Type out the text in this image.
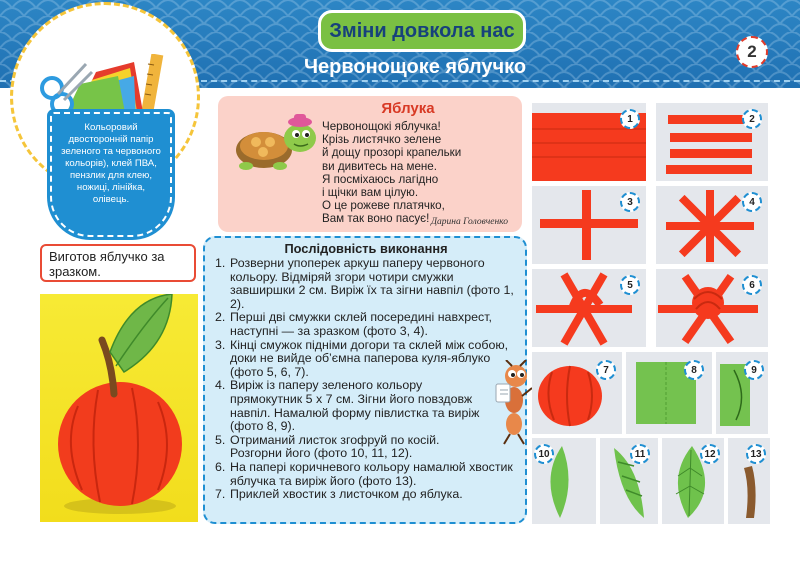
Зміни довкола нас
Червонощоке яблучко
2
Кольоровий двосторонній папір зеленого та червоного кольорів), клей ПВА, пензлик для клею, ножиці, лінійка, олівець.
Виготов яблучко за зразком.
Яблука
Червонощокі яблучка!
Крізь листячко зелене
й дощу прозорі крапельки
ви дивитесь на мене.
Я посміхаюсь лагідно
і щічки вам цілую.
О це рожеве платячко,
Вам так воно пасує! Дарина Головченко
Послідовність виконання
1. Розверни упоперек аркуш паперу червоного кольору. Відміряй згори чотири смужки завширшки 2 см. Виріж їх та зігни навпіл (фото 1, 2).
2. Перші дві смужки склей посередині навхрест, наступні — за зразком (фото 3, 4).
3. Кінці смужок підніми догори та склей між собою, доки не вийде об’ємна паперова куля-яблуко (фото 5, 6, 7).
4. Виріж із паперу зеленого кольору прямокутник 5 х 7 см. Зігни його повздовж навпіл. Намалюй форму півлистка та виріж (фото 8, 9).
5. Отриманий листок згофруй по косій. Розгорни його (фото 10, 11, 12).
6. На папері коричневого кольору намалюй хвостик яблучка та виріж його (фото 13).
7. Приклей хвостик з листочком до яблука.
1	2
3	4
5	6
7	8	9
10	11	12	13
